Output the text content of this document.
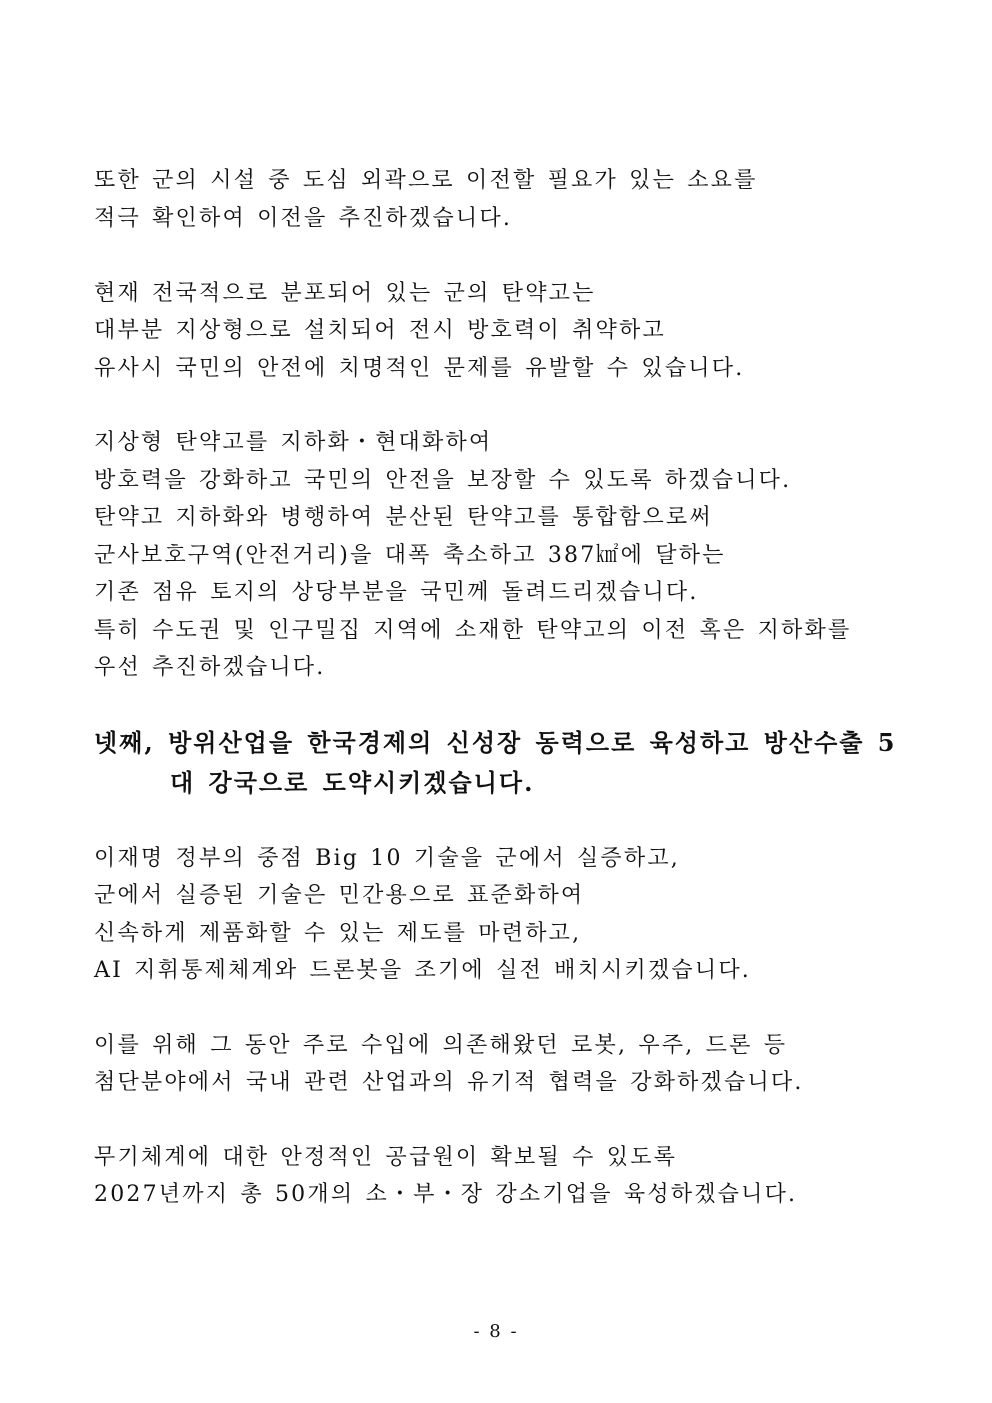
또한 군의 시설 중 도심 외곽으로 이전할 필요가 있는 소요를
적극 확인하여 이전을 추진하겠습니다.
현재 전국적으로 분포되어 있는 군의 탄약고는
대부분 지상형으로 설치되어 전시 방호력이 취약하고
유사시 국민의 안전에 치명적인 문제를 유발할 수 있습니다.
지상형 탄약고를 지하화・현대화하여
방호력을 강화하고 국민의 안전을 보장할 수 있도록 하겠습니다.
탄약고 지하화와 병행하여 분산된 탄약고를 통합함으로써
군사보호구역(안전거리)을 대폭 축소하고 387㎢에 달하는
기존 점유 토지의 상당부분을 국민께 돌려드리겠습니다.
특히 수도권 및 인구밀집 지역에 소재한 탄약고의 이전 혹은 지하화를
우선 추진하겠습니다.
넷째, 방위산업을 한국경제의 신성장 동력으로 육성하고 방산수출 5
대 강국으로 도약시키겠습니다.
이재명 정부의 중점 Big 10 기술을 군에서 실증하고,
군에서 실증된 기술은 민간용으로 표준화하여
신속하게 제품화할 수 있는 제도를 마련하고,
AI 지휘통제체계와 드론봇을 조기에 실전 배치시키겠습니다.
이를 위해 그 동안 주로 수입에 의존해왔던 로봇, 우주, 드론 등
첨단분야에서 국내 관련 산업과의 유기적 협력을 강화하겠습니다.
무기체계에 대한 안정적인 공급원이 확보될 수 있도록
2027년까지 총 50개의 소・부・장 강소기업을 육성하겠습니다.
- 8 -
